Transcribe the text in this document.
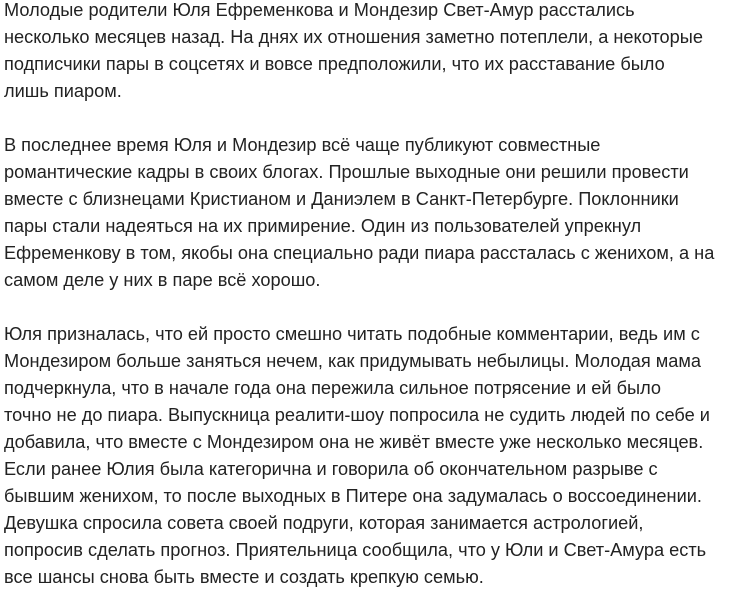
Молодые родители Юля Ефременкова и Мондезир Свет-Амур расстались
несколько месяцев назад. На днях их отношения заметно потеплели, а некоторые
подписчики пары в соцсетях и вовсе предположили, что их расставание было
лишь пиаром.

В последнее время Юля и Мондезир всё чаще публикуют совместные
романтические кадры в своих блогах. Прошлые выходные они решили провести
вместе с близнецами Кристианом и Даниэлем в Санкт-Петербурге. Поклонники
пары стали надеяться на их примирение. Один из пользователей упрекнул
Ефременкову в том, якобы она специально ради пиара рассталась с женихом, а на
самом деле у них в паре всё хорошо.

Юля призналась, что ей просто смешно читать подобные комментарии, ведь им с
Мондезиром больше заняться нечем, как придумывать небылицы. Молодая мама
подчеркнула, что в начале года она пережила сильное потрясение и ей было
точно не до пиара. Выпускница реалити-шоу попросила не судить людей по себе и
добавила, что вместе с Мондезиром она не живёт вместе уже несколько месяцев.
Если ранее Юлия была категорична и говорила об окончательном разрыве с
бывшим женихом, то после выходных в Питере она задумалась о воссоединении.
Девушка спросила совета своей подруги, которая занимается астрологией,
попросив сделать прогноз. Приятельница сообщила, что у Юли и Свет-Амура есть
все шансы снова быть вместе и создать крепкую семью.
